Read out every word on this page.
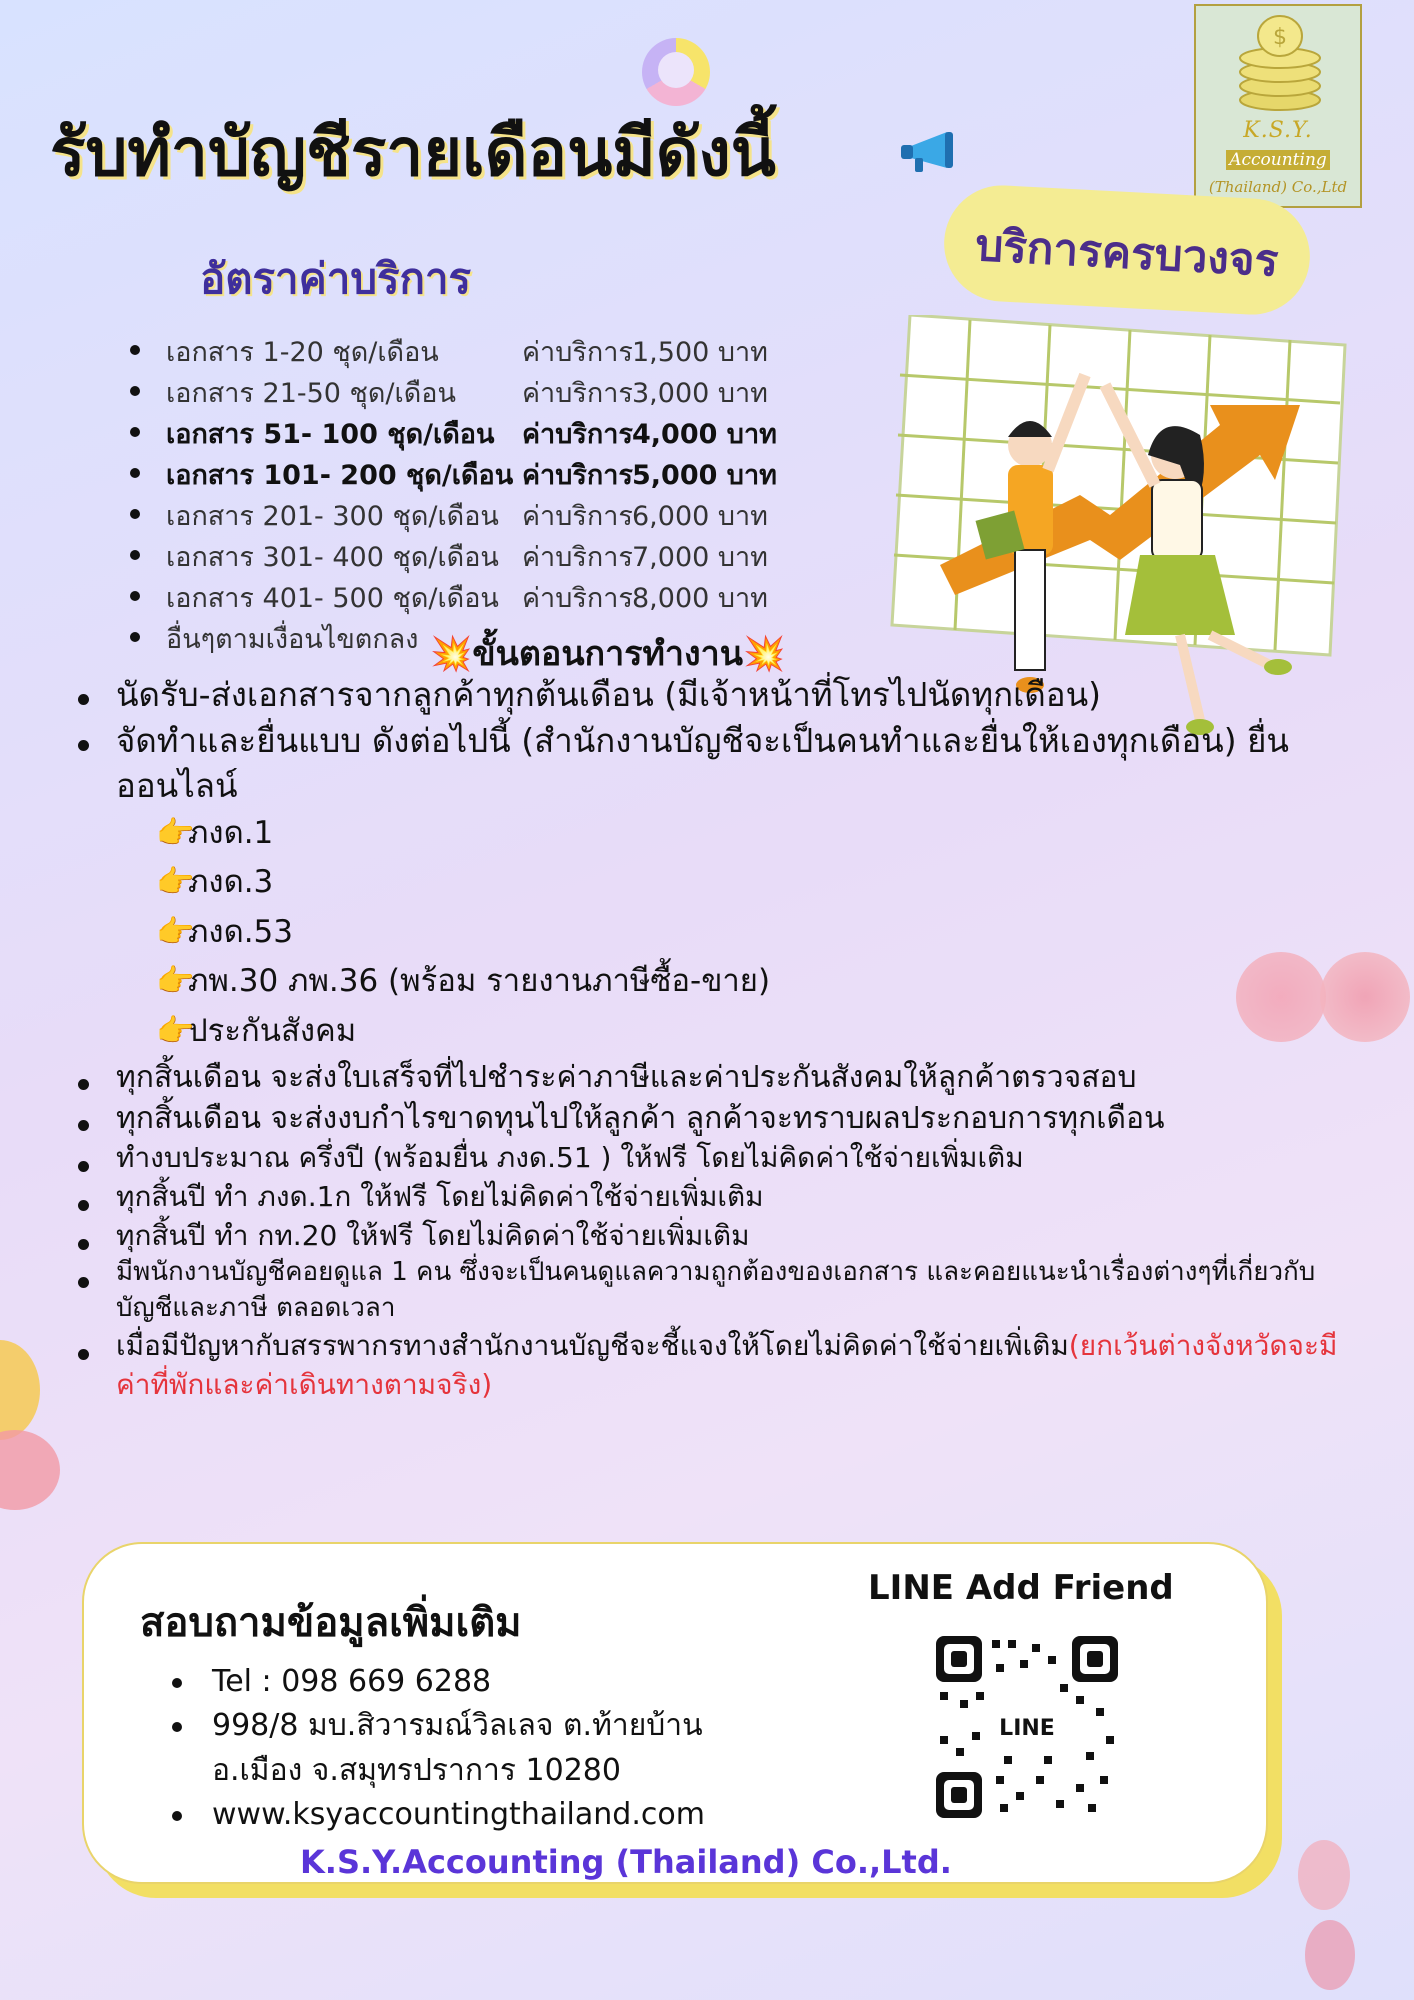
$
K.S.Y.
Accounting
(Thailand) Co.,Ltd
รับทำบัญชีรายเดือนมีดังนี้
บริการครบวงจร
อัตราค่าบริการ
เอกสาร 1-20 ชุด/เดือน	ค่าบริการ 1,500 บาท
เอกสาร 21-50 ชุด/เดือน ค่าบริการ 3,000 บาท
เอกสาร 51- 100 ชุด/เดือน ค่าบริการ 4,000 บาท
เอกสาร 101- 200 ชุด/เดือน ค่าบริการ 5,000 บาท
เอกสาร 201- 300 ชุด/เดือน ค่าบริการ 6,000 บาท
เอกสาร 301- 400 ชุด/เดือน ค่าบริการ 7,000 บาท
เอกสาร 401- 500 ชุด/เดือน ค่าบริการ 8,000 บาท
อื่นๆตามเงื่อนไขตกลง 💥ขั้นตอนการทำงาน💥
นัดรับ-ส่งเอกสารจากลูกค้าทุกต้นเดือน (มีเจ้าหน้าที่โทรไปนัดทุกเดือน)
จัดทำและยื่นแบบ ดังต่อไปนี้ (สำนักงานบัญชีจะเป็นคนทำและยื่นให้เองทุกเดือน) ยื่นออนไลน์
👉
ภงด.1
👉
ภงด.3
👉
ภงด.53
👉
ภพ.30 ภพ.36 (พร้อม รายงานภาษีซื้อ-ขาย)
👉
ประกันสังคม
ทุกสิ้นเดือน จะส่งใบเสร็จที่ไปชำระค่าภาษีและค่าประกันสังคมให้ลูกค้าตรวจสอบ
ทุกสิ้นเดือน จะส่งงบกำไรขาดทุนไปให้ลูกค้า ลูกค้าจะทราบผลประกอบการทุกเดือน
ทำงบประมาณ ครึ่งปี (พร้อมยื่น ภงด.51 ) ให้ฟรี โดยไม่คิดค่าใช้จ่ายเพิ่มเติม
ทุกสิ้นปี ทำ ภงด.1ก ให้ฟรี โดยไม่คิดค่าใช้จ่ายเพิ่มเติม
ทุกสิ้นปี ทำ กท.20 ให้ฟรี โดยไม่คิดค่าใช้จ่ายเพิ่มเติม
มีพนักงานบัญชีคอยดูแล 1 คน ซึ่งจะเป็นคนดูแลความถูกต้องของเอกสาร และคอยแนะนำเรื่องต่างๆที่เกี่ยวกับบัญชีและภาษี ตลอดเวลา
เมื่อมีปัญหากับสรรพากรทางสำนักงานบัญชีจะชี้แจงให้โดยไม่คิดค่าใช้จ่ายเพิ่เติม(ยกเว้นต่างจังหวัดจะมีค่าที่พักและค่าเดินทางตามจริง)
สอบถามข้อมูลเพิ่มเติม
Tel : 098 669 6288
998/8 มบ.สิวารมณ์วิลเลจ ต.ท้ายบ้าน
อ.เมือง จ.สมุทรปราการ 10280
www.ksyaccountingthailand.com
K.S.Y.Accounting (Thailand) Co.,Ltd.
LINE Add Friend
LINE
